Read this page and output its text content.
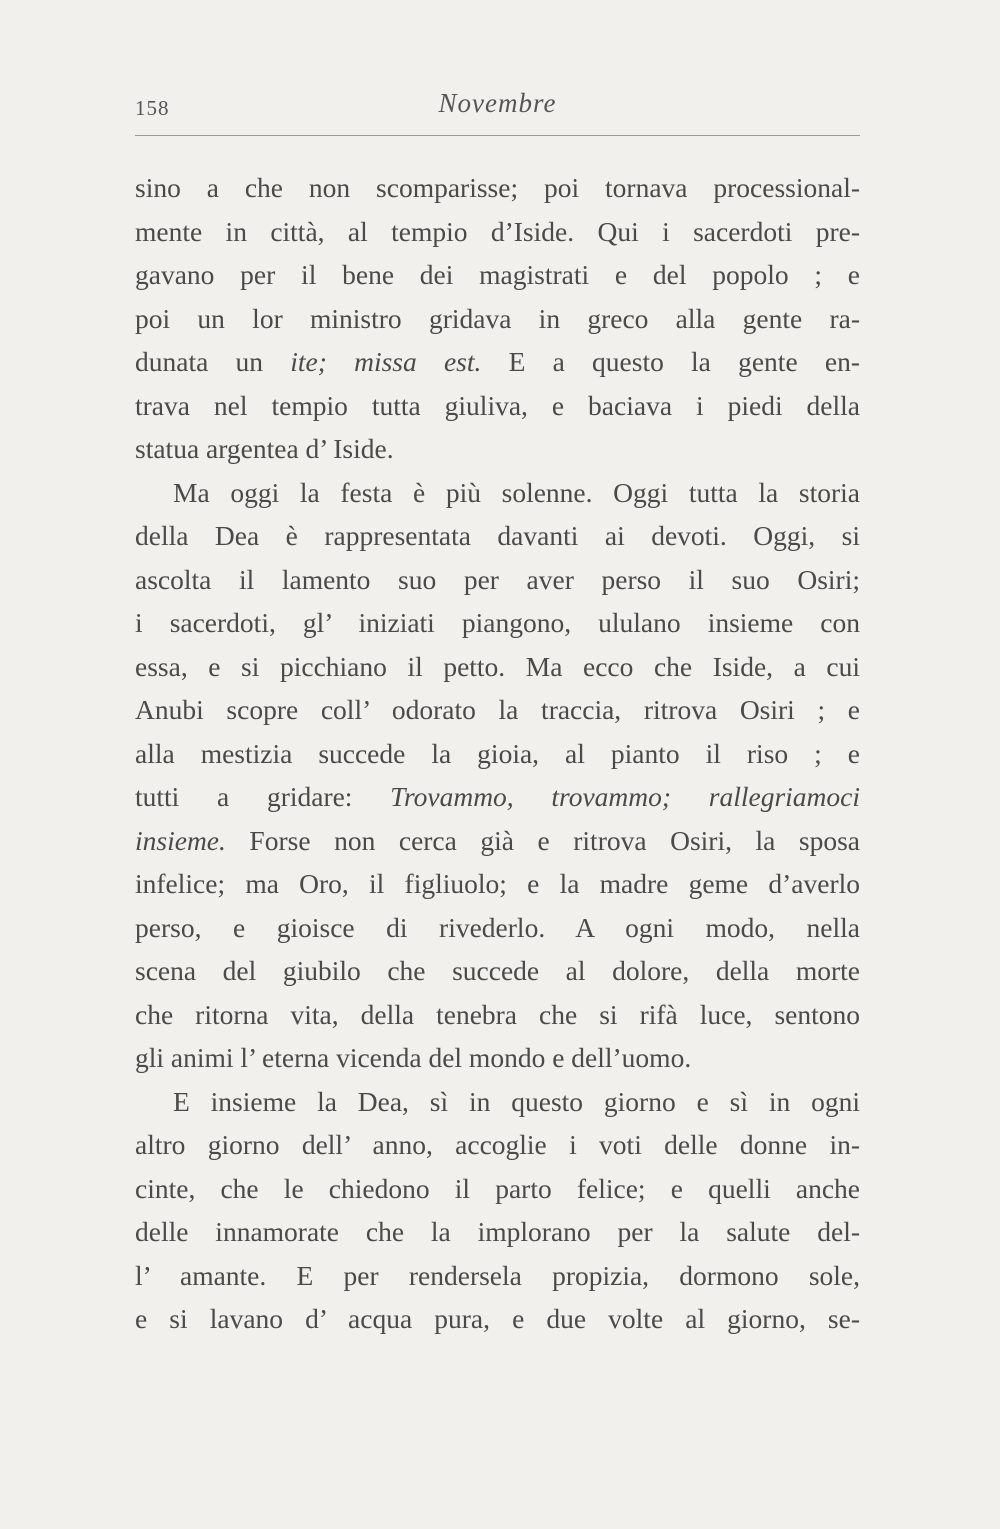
158	Novembre
sino a che non scomparisse; poi tornava processional-
mente in città, al tempio d’Iside. Qui i sacerdoti pre-
gavano per il bene dei magistrati e del popolo ; e
poi un lor ministro gridava in greco alla gente ra-
dunata un ite; missa est. E a questo la gente en-
trava nel tempio tutta giuliva, e baciava i piedi della
statua argentea d’ Iside.
Ma oggi la festa è più solenne. Oggi tutta la storia
della Dea è rappresentata davanti ai devoti. Oggi, si
ascolta il lamento suo per aver perso il suo Osiri;
i sacerdoti, gl’ iniziati piangono, ululano insieme con
essa, e si picchiano il petto. Ma ecco che Iside, a cui
Anubi scopre coll’ odorato la traccia, ritrova Osiri ; e
alla mestizia succede la gioia, al pianto il riso ; e
tutti a gridare: Trovammo, trovammo; rallegriamoci
insieme. Forse non cerca già e ritrova Osiri, la sposa
infelice; ma Oro, il figliuolo; e la madre geme d’averlo
perso, e gioisce di rivederlo. A ogni modo, nella
scena del giubilo che succede al dolore, della morte
che ritorna vita, della tenebra che si rifà luce, sentono
gli animi l’ eterna vicenda del mondo e dell’uomo.
E insieme la Dea, sì in questo giorno e sì in ogni
altro giorno dell’ anno, accoglie i voti delle donne in-
cinte, che le chiedono il parto felice; e quelli anche
delle innamorate che la implorano per la salute del-
l’ amante. E per rendersela propizia, dormono sole,
e si lavano d’ acqua pura, e due volte al giorno, se-
